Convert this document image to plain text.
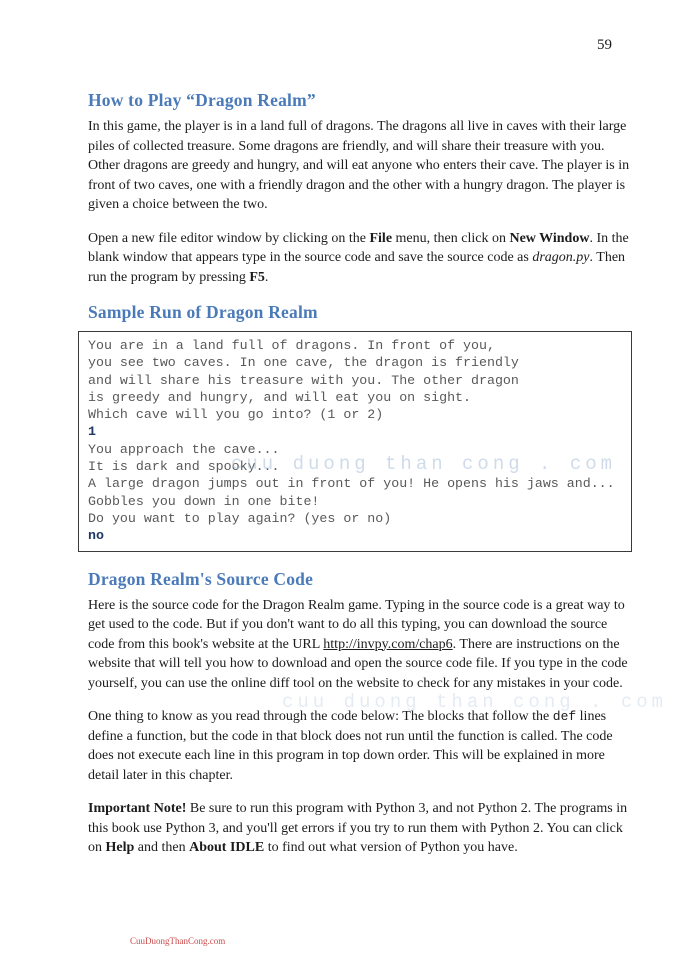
59
How to Play “Dragon Realm”

In this game, the player is in a land full of dragons. The dragons all live in caves with their large piles of collected treasure. Some dragons are friendly, and will share their treasure with you. Other dragons are greedy and hungry, and will eat anyone who enters their cave. The player is in front of two caves, one with a friendly dragon and the other with a hungry dragon. The player is given a choice between the two.

Open a new file editor window by clicking on the File menu, then click on New Window. In the blank window that appears type in the source code and save the source code as dragon.py. Then run the program by pressing F5.

Sample Run of Dragon Realm
You are in a land full of dragons. In front of you,
you see two caves. In one cave, the dragon is friendly
and will share his treasure with you. The other dragon
is greedy and hungry, and will eat you on sight.
Which cave will you go into? (1 or 2)
1
You approach the cave...
It is dark and spooky...
A large dragon jumps out in front of you! He opens his jaws and...
Gobbles you down in one bite!
Do you want to play again? (yes or no)
no
cuu duong than cong . com
Dragon Realm's Source Code

Here is the source code for the Dragon Realm game. Typing in the source code is a great way to get used to the code. But if you don't want to do all this typing, you can download the source code from this book's website at the URL http://invpy.com/chap6. There are instructions on the website that will tell you how to download and open the source code file. If you type in the code yourself, you can use the online diff tool on the website to check for any mistakes in your code.

One thing to know as you read through the code below: The blocks that follow the def lines define a function, but the code in that block does not run until the function is called. The code does not execute each line in this program in top down order. This will be explained in more detail later in this chapter.

Important Note! Be sure to run this program with Python 3, and not Python 2. The programs in this book use Python 3, and you'll get errors if you try to run them with Python 2. You can click on Help and then About IDLE to find out what version of Python you have.

cuu duong than cong . com
CuuDuongThanCong.com
